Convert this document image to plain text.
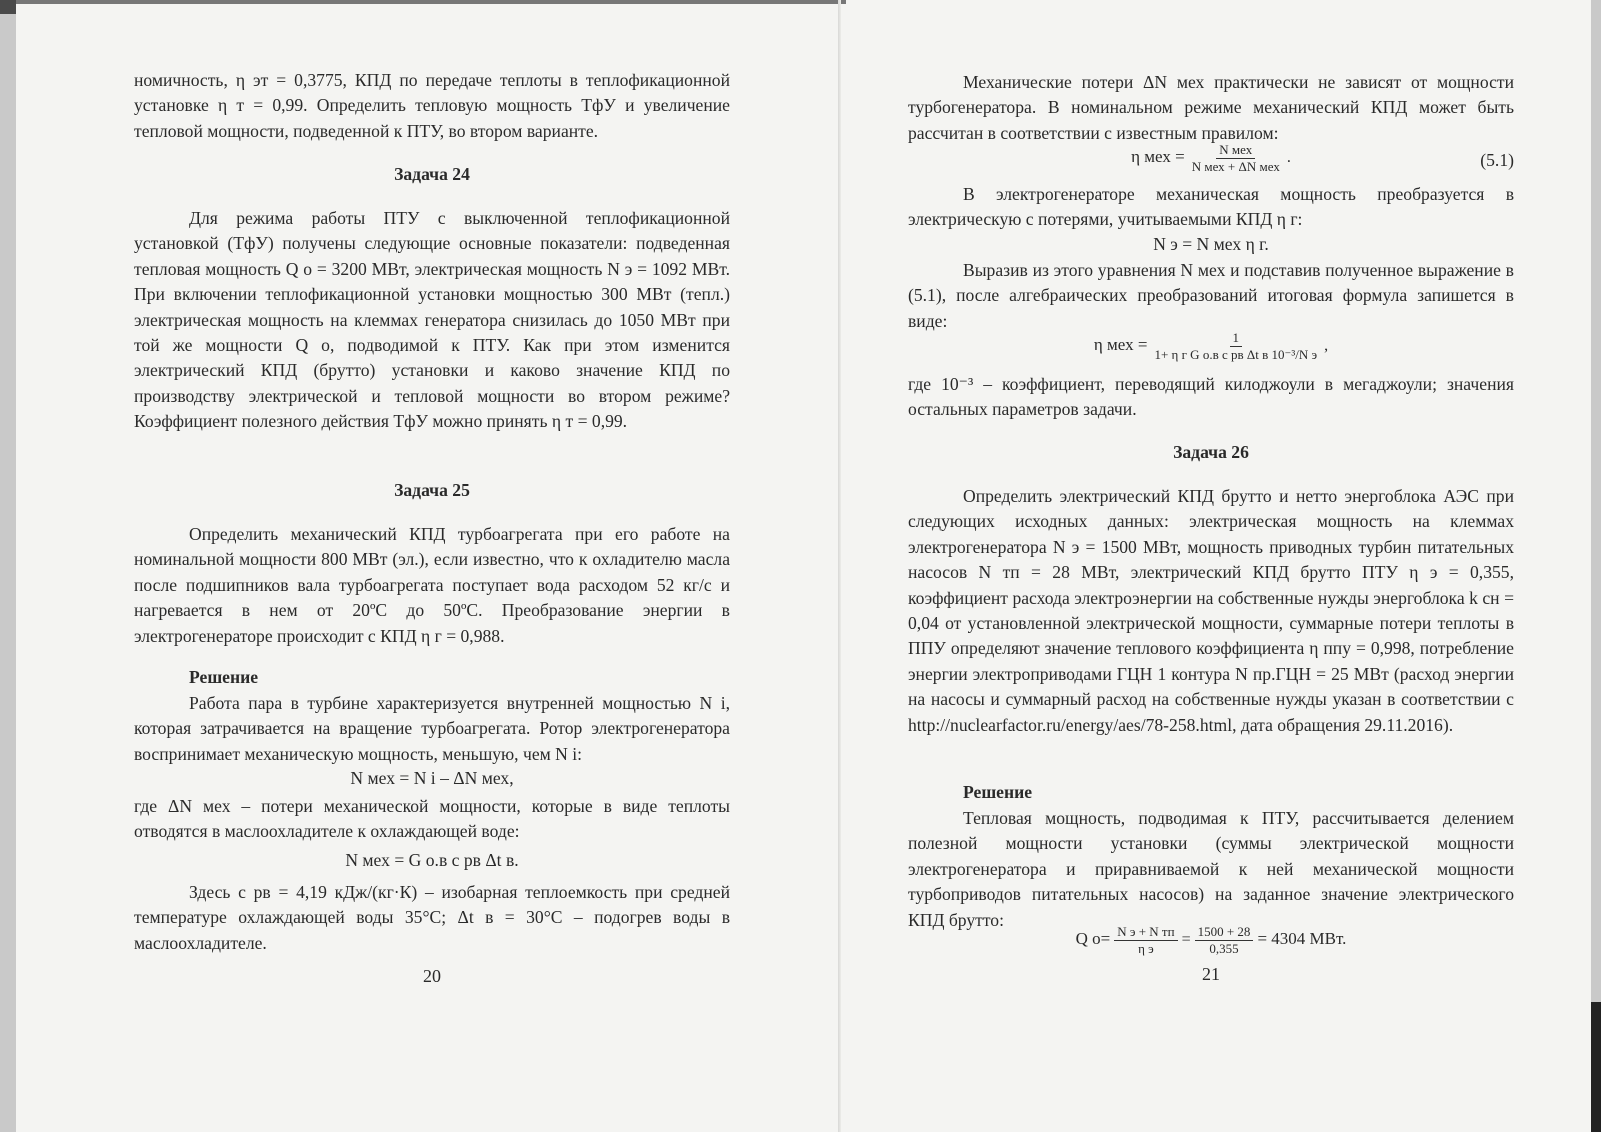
номичность, η эт = 0,3775, КПД по передаче теплоты в теплофикационной установке η т = 0,99. Определить тепловую мощность ТфУ и увеличение тепловой мощности, подведенной к ПТУ, во втором варианте.

Задача 24

Для режима работы ПТУ с выключенной теплофикационной установкой (ТфУ) получены следующие основные показатели: подведенная тепловая мощность Q о = 3200 МВт, электрическая мощность N э = 1092 МВт. При включении теплофикационной установки мощностью 300 МВт (тепл.) электрическая мощность на клеммах генератора снизилась до 1050 МВт при той же мощности Q о, подводимой к ПТУ. Как при этом изменится электрический КПД (брутто) установки и каково значение КПД по производству электрической и тепловой мощности во втором режиме? Коэффициент полезного действия ТфУ можно принять η т = 0,99.

Задача 25

Определить механический КПД турбоагрегата при его работе на номинальной мощности 800 МВт (эл.), если известно, что к охладителю масла после подшипников вала турбоагрегата поступает вода расходом 52 кг/с и нагревается в нем от 20ºС до 50ºС. Преобразование энергии в электрогенераторе происходит с КПД η г = 0,988.

Решение

Работа пара в турбине характеризуется внутренней мощностью N i, которая затрачивается на вращение турбоагрегата. Ротор электрогенератора воспринимает механическую мощность, меньшую, чем N i:

N мех = N i – ΔN мех,

где ΔN мех – потери механической мощности, которые в виде теплоты отводятся в маслоохладителе к охлаждающей воде:

N мех = G о.в c рв Δt в.

Здесь c рв = 4,19 кДж/(кг·К) – изобарная теплоемкость при средней температуре охлаждающей воды 35°С; Δt в = 30°С – подогрев воды в маслоохладителе.

20

Механические потери ΔN мех практически не зависят от мощности турбогенератора. В номинальном режиме механический КПД может быть рассчитан в соответствии с известным правилом:

η мех = $\frac{\text{N мех}}{\text{N мех + ΔN мех}}$ .	(5.1)

В электрогенераторе механическая мощность преобразуется в электрическую с потерями, учитываемыми КПД η г:

N э = N мех η г.

Выразив из этого уравнения N мех и подставив полученное выражение в (5.1), после алгебраических преобразований итоговая формула запишется в виде:

η мех = $\frac{1}{\text{1+ η г G о.в c рв Δt в 10⁻³/N э}}$ ,

где 10⁻³ – коэффициент, переводящий килоджоули в мегаджоули; значения остальных параметров задачи.

Задача 26

Определить электрический КПД брутто и нетто энергоблока АЭС при следующих исходных данных: электрическая мощность на клеммах электрогенератора N э = 1500 МВт, мощность приводных турбин питательных насосов N тп = 28 МВт, электрический КПД брутто ПТУ η э = 0,355, коэффициент расхода электроэнергии на собственные нужды энергоблока k сн = 0,04 от установленной электрической мощности, суммарные потери теплоты в ППУ определяют значение теплового коэффициента η ппу = 0,998, потребление энергии электроприводами ГЦН 1 контура N пр.ГЦН = 25 МВт (расход энергии на насосы и суммарный расход на собственные нужды указан в соответствии с http://nuclearfactor.ru/energy/aes/78-258.html, дата обращения 29.11.2016).

Решение

Тепловая мощность, подводимая к ПТУ, рассчитывается делением полезной мощности установки (суммы электрической мощности электрогенератора и приравниваемой к ней механической мощности турбоприводов питательных насосов) на заданное значение электрического КПД брутто:

Q $о= \frac{\text{N э + N тп}}{\text{η э}} = \frac{1500 + 28}{0,355} = 4304$ МВт.
21
